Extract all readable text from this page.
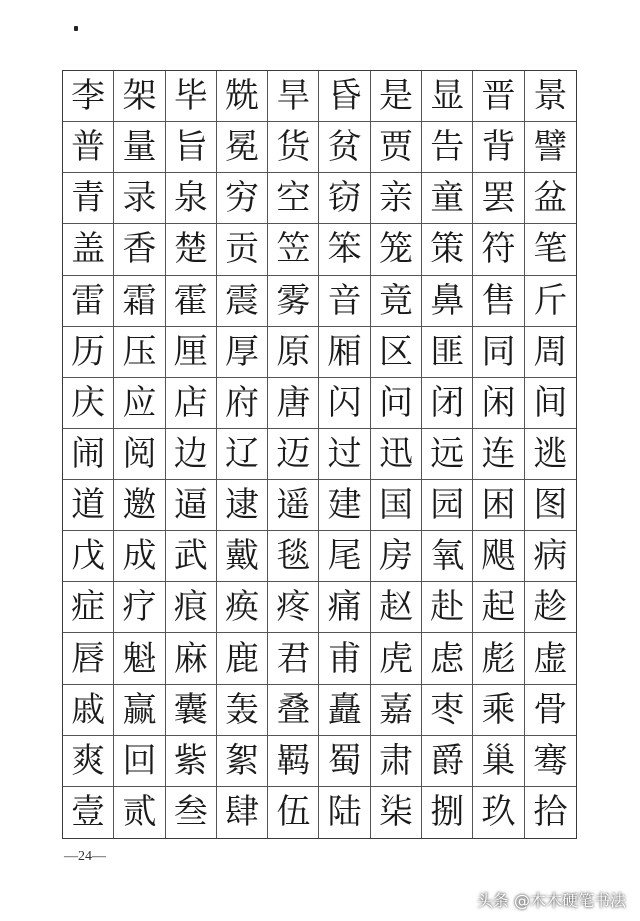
李 架 毕 兟 旱 昏 是 显 晋 景
普 量 旨 冕 货 贫 贾 告 背 譬
青 录 泉 穷 空 窃 亲 童 罢 盆
盖 香 楚 贡 笠 笨 笼 策 符 笔
雷 霜 霍 震 雾 音 竟 鼻 售 斤
历 压 厘 厚 原 厢 区 匪 同 周
庆 应 店 府 唐 闪 问 闭 闲 间
闹 阅 边 辽 迈 过 迅 远 连 逃
道 邀 逼 逮 遥 建 国 园 困 图
戊 成 武 戴 毯 尾 房 氧 飓 病
症 疗 痕 痪 疼 痛 赵 赴 起 趁
唇 魁 麻 鹿 君 甫 虎 虑 彪 虚
戚 赢 囊 轰 叠 矗 嘉 枣 乘 骨
爽 回 紫 絮 羁 蜀 肃 爵 巢 骞
壹 贰 叁 肆 伍 陆 柒 捌 玖 拾
—24—
头条 @木木硬笔书法
